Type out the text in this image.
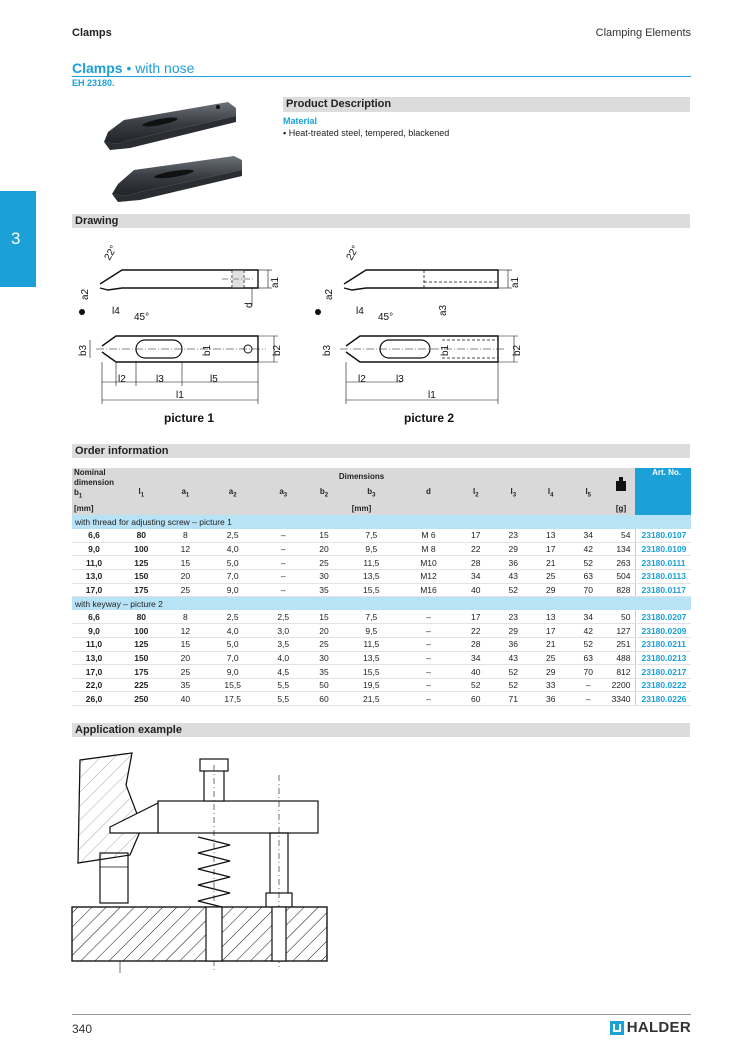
Clamps	Clamping Elements
Clamps • with nose
EH 23180.
3
Product Description
Material
▪ Heat-treated steel, tempered, blackened
Drawing
22°
45°
a1
a2
d
l4
b1	b2
b3
l2	l3	l5
l1
22°
45°
a1
a2
a3
l4
b1	b2
b3
l2	l3
l1
picture 1	picture 2
Order information
Nominal dimension
$b_1$	Dimensions												Art. No.
	$l_1$	$a_1$	$a_2$	$a_3$	$b_2$	$b_3$	d	$l_2$	$l_3$	$l_4$	$l_5$
[mm]	[mm]											[g]	
with thread for adjusting screw – picture 1													
6,6	80	8	2,5	–	15	7,5	M 6	17	23	13	34	54	23180.0107
9,0	100	12	4,0	–	20	9,5	M 8	22	29	17	42	134	23180.0109
11,0	125	15	5,0	–	25	11,5	M10	28	36	21	52	263	23180.0111
13,0	150	20	7,0	–	30	13,5	M12	34	43	25	63	504	23180.0113
17,0	175	25	9,0	–	35	15,5	M16	40	52	29	70	828	23180.0117
with keyway – picture 2													
6,6	80	8	2,5	2,5	15	7,5	–	17	23	13	34	50	23180.0207
9,0	100	12	4,0	3,0	20	9,5	–	22	29	17	42	127	23180.0209
11,0	125	15	5,0	3,5	25	11,5	–	28	36	21	52	251	23180.0211
13,0	150	20	7,0	4,0	30	13,5	–	34	43	25	63	488	23180.0213
17,0	175	25	9,0	4,5	35	15,5	–	40	52	29	70	812	23180.0217
22,0	225	35	15,5	5,5	50	19,5	–	52	52	33	–	2200	23180.0222
26,0	250	40	17,5	5,5	60	21,5	–	60	71	36	–	3340	23180.0226
Application example
340	HALDER
